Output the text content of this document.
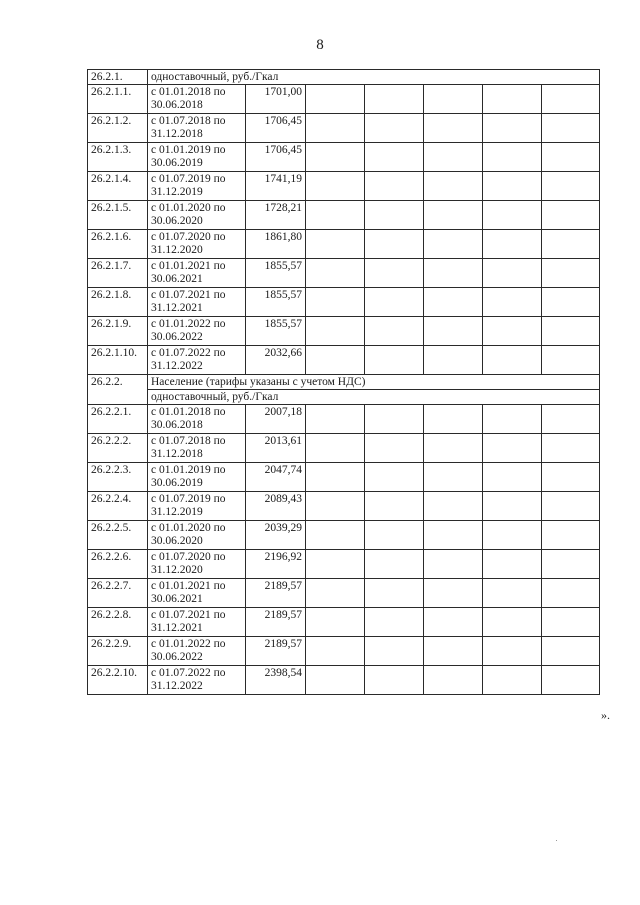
8
26.2.1.	одноставочный, руб./Гкал						
26.2.1.1.	с 01.01.2018 по 30.06.2018	1701,00					
26.2.1.2.	с 01.07.2018 по 31.12.2018	1706,45					
26.2.1.3.	с 01.01.2019 по 30.06.2019	1706,45					
26.2.1.4.	с 01.07.2019 по 31.12.2019	1741,19					
26.2.1.5.	с 01.01.2020 по 30.06.2020	1728,21					
26.2.1.6.	с 01.07.2020 по 31.12.2020	1861,80					
26.2.1.7.	с 01.01.2021 по 30.06.2021	1855,57					
26.2.1.8.	с 01.07.2021 по 31.12.2021	1855,57					
26.2.1.9.	с 01.01.2022 по 30.06.2022	1855,57					
26.2.1.10.	с 01.07.2022 по 31.12.2022	2032,66					
26.2.2.	Население (тарифы указаны с учетом НДС)						
	одноставочный, руб./Гкал						
26.2.2.1.	с 01.01.2018 по 30.06.2018	2007,18					
26.2.2.2.	с 01.07.2018 по 31.12.2018	2013,61					
26.2.2.3.	с 01.01.2019 по 30.06.2019	2047,74					
26.2.2.4.	с 01.07.2019 по 31.12.2019	2089,43					
26.2.2.5.	с 01.01.2020 по 30.06.2020	2039,29					
26.2.2.6.	с 01.07.2020 по 31.12.2020	2196,92					
26.2.2.7.	с 01.01.2021 по 30.06.2021	2189,57					
26.2.2.8.	с 01.07.2021 по 31.12.2021	2189,57					
26.2.2.9.	с 01.01.2022 по 30.06.2022	2189,57					
26.2.2.10.	с 01.07.2022 по 31.12.2022	2398,54					
».
